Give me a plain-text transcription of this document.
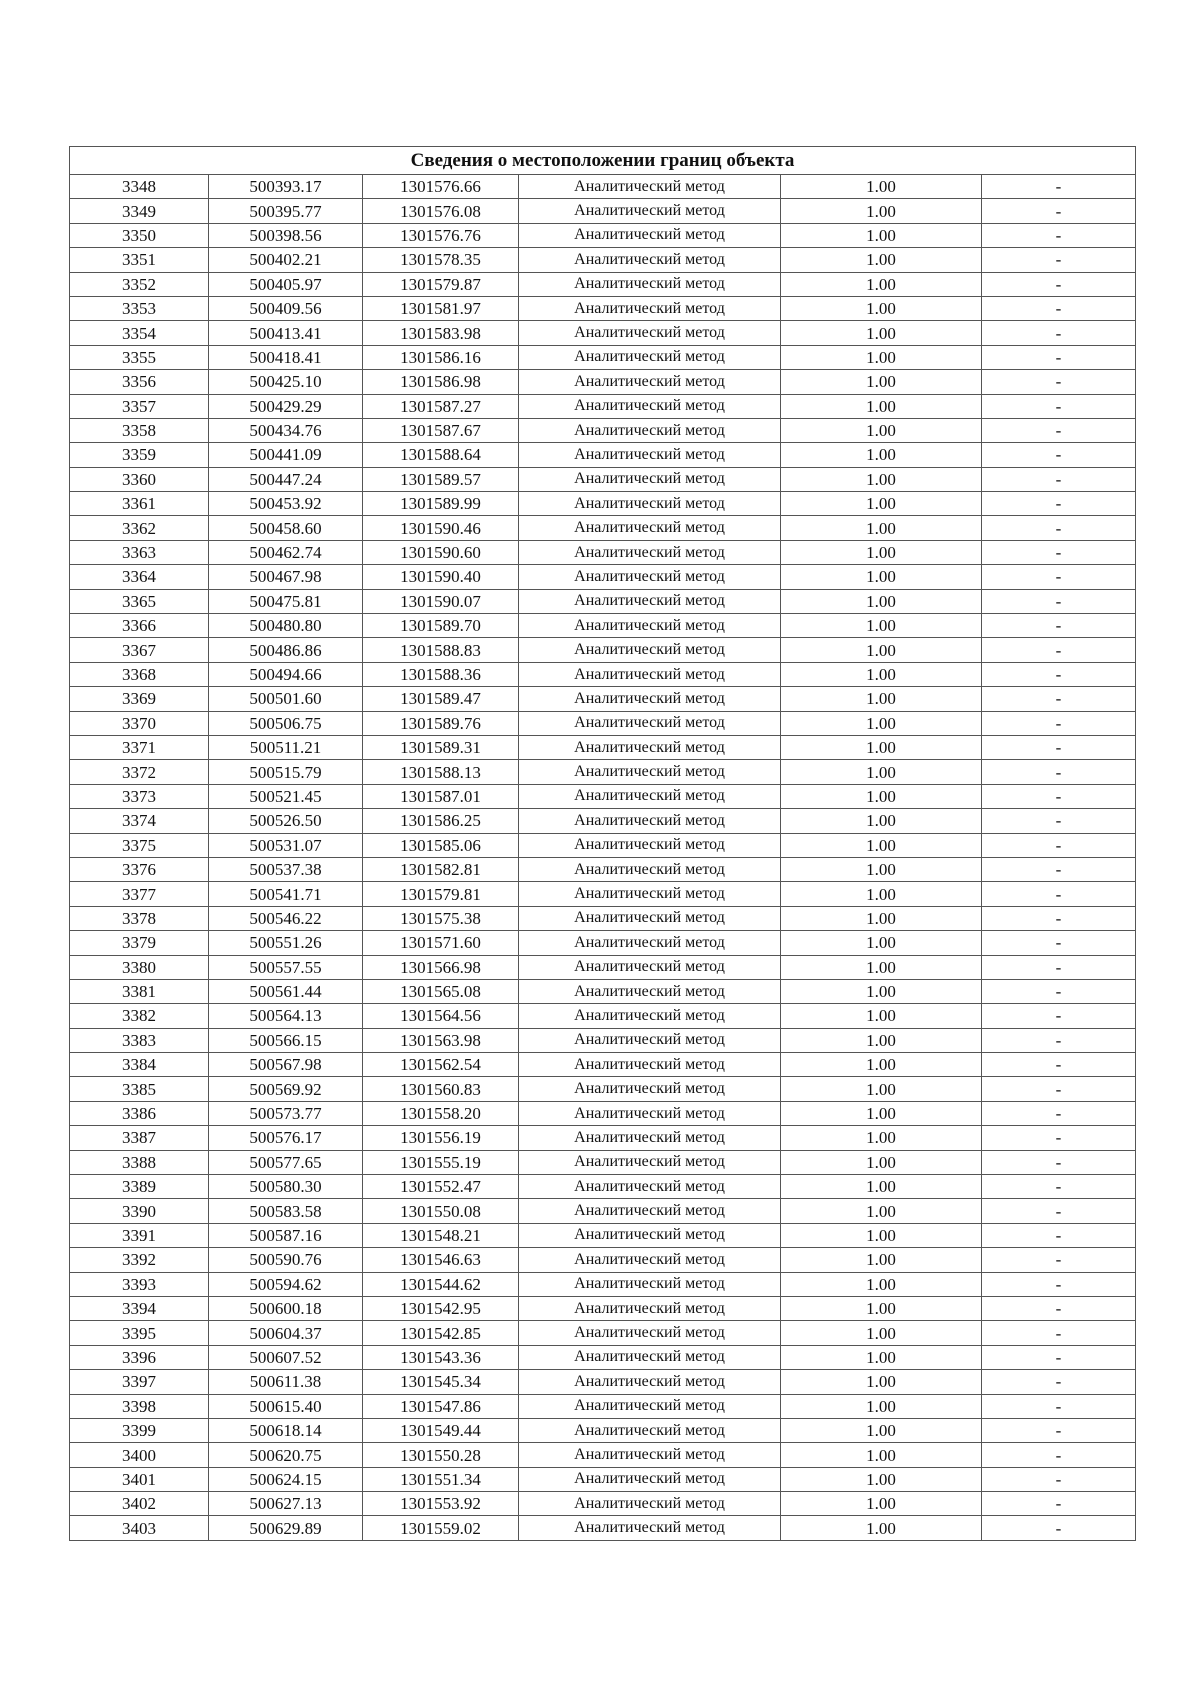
Сведения о местоположении границ объекта					
3348	500393.17	1301576.66	Аналитический метод	1.00	-
3349	500395.77	1301576.08	Аналитический метод	1.00	-
3350	500398.56	1301576.76	Аналитический метод	1.00	-
3351	500402.21	1301578.35	Аналитический метод	1.00	-
3352	500405.97	1301579.87	Аналитический метод	1.00	-
3353	500409.56	1301581.97	Аналитический метод	1.00	-
3354	500413.41	1301583.98	Аналитический метод	1.00	-
3355	500418.41	1301586.16	Аналитический метод	1.00	-
3356	500425.10	1301586.98	Аналитический метод	1.00	-
3357	500429.29	1301587.27	Аналитический метод	1.00	-
3358	500434.76	1301587.67	Аналитический метод	1.00	-
3359	500441.09	1301588.64	Аналитический метод	1.00	-
3360	500447.24	1301589.57	Аналитический метод	1.00	-
3361	500453.92	1301589.99	Аналитический метод	1.00	-
3362	500458.60	1301590.46	Аналитический метод	1.00	-
3363	500462.74	1301590.60	Аналитический метод	1.00	-
3364	500467.98	1301590.40	Аналитический метод	1.00	-
3365	500475.81	1301590.07	Аналитический метод	1.00	-
3366	500480.80	1301589.70	Аналитический метод	1.00	-
3367	500486.86	1301588.83	Аналитический метод	1.00	-
3368	500494.66	1301588.36	Аналитический метод	1.00	-
3369	500501.60	1301589.47	Аналитический метод	1.00	-
3370	500506.75	1301589.76	Аналитический метод	1.00	-
3371	500511.21	1301589.31	Аналитический метод	1.00	-
3372	500515.79	1301588.13	Аналитический метод	1.00	-
3373	500521.45	1301587.01	Аналитический метод	1.00	-
3374	500526.50	1301586.25	Аналитический метод	1.00	-
3375	500531.07	1301585.06	Аналитический метод	1.00	-
3376	500537.38	1301582.81	Аналитический метод	1.00	-
3377	500541.71	1301579.81	Аналитический метод	1.00	-
3378	500546.22	1301575.38	Аналитический метод	1.00	-
3379	500551.26	1301571.60	Аналитический метод	1.00	-
3380	500557.55	1301566.98	Аналитический метод	1.00	-
3381	500561.44	1301565.08	Аналитический метод	1.00	-
3382	500564.13	1301564.56	Аналитический метод	1.00	-
3383	500566.15	1301563.98	Аналитический метод	1.00	-
3384	500567.98	1301562.54	Аналитический метод	1.00	-
3385	500569.92	1301560.83	Аналитический метод	1.00	-
3386	500573.77	1301558.20	Аналитический метод	1.00	-
3387	500576.17	1301556.19	Аналитический метод	1.00	-
3388	500577.65	1301555.19	Аналитический метод	1.00	-
3389	500580.30	1301552.47	Аналитический метод	1.00	-
3390	500583.58	1301550.08	Аналитический метод	1.00	-
3391	500587.16	1301548.21	Аналитический метод	1.00	-
3392	500590.76	1301546.63	Аналитический метод	1.00	-
3393	500594.62	1301544.62	Аналитический метод	1.00	-
3394	500600.18	1301542.95	Аналитический метод	1.00	-
3395	500604.37	1301542.85	Аналитический метод	1.00	-
3396	500607.52	1301543.36	Аналитический метод	1.00	-
3397	500611.38	1301545.34	Аналитический метод	1.00	-
3398	500615.40	1301547.86	Аналитический метод	1.00	-
3399	500618.14	1301549.44	Аналитический метод	1.00	-
3400	500620.75	1301550.28	Аналитический метод	1.00	-
3401	500624.15	1301551.34	Аналитический метод	1.00	-
3402	500627.13	1301553.92	Аналитический метод	1.00	-
3403	500629.89	1301559.02	Аналитический метод	1.00	-
